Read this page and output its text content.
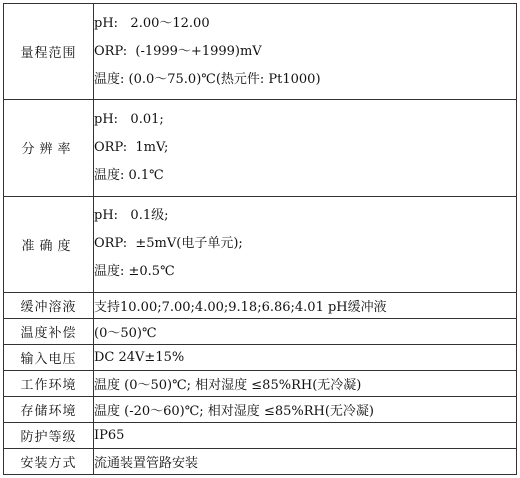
量程范围	pH:   2.00～12.00
ORP:  (-1999～+1999)mV
温度: (0.0～75.0)℃(热元件: Pt1000)

分辨率	pH:   0.01;
ORP:  1mV;
温度: 0.1℃

准确度	pH:   0.1级;
ORP:  ±5mV(电子单元);
温度: ±0.5℃

缓冲溶液	支持10.00;7.00;4.00;9.18;6.86;4.01 pH缓冲液
温度补偿	(0～50)℃
输入电压	DC 24V±15%
工作环境	温度 (0～50)℃; 相对湿度 ≤85%RH(无冷凝)
存储环境	温度 (-20～60)℃; 相对湿度 ≤85%RH(无冷凝)
防护等级	IP65
安装方式	流通装置管路安装
